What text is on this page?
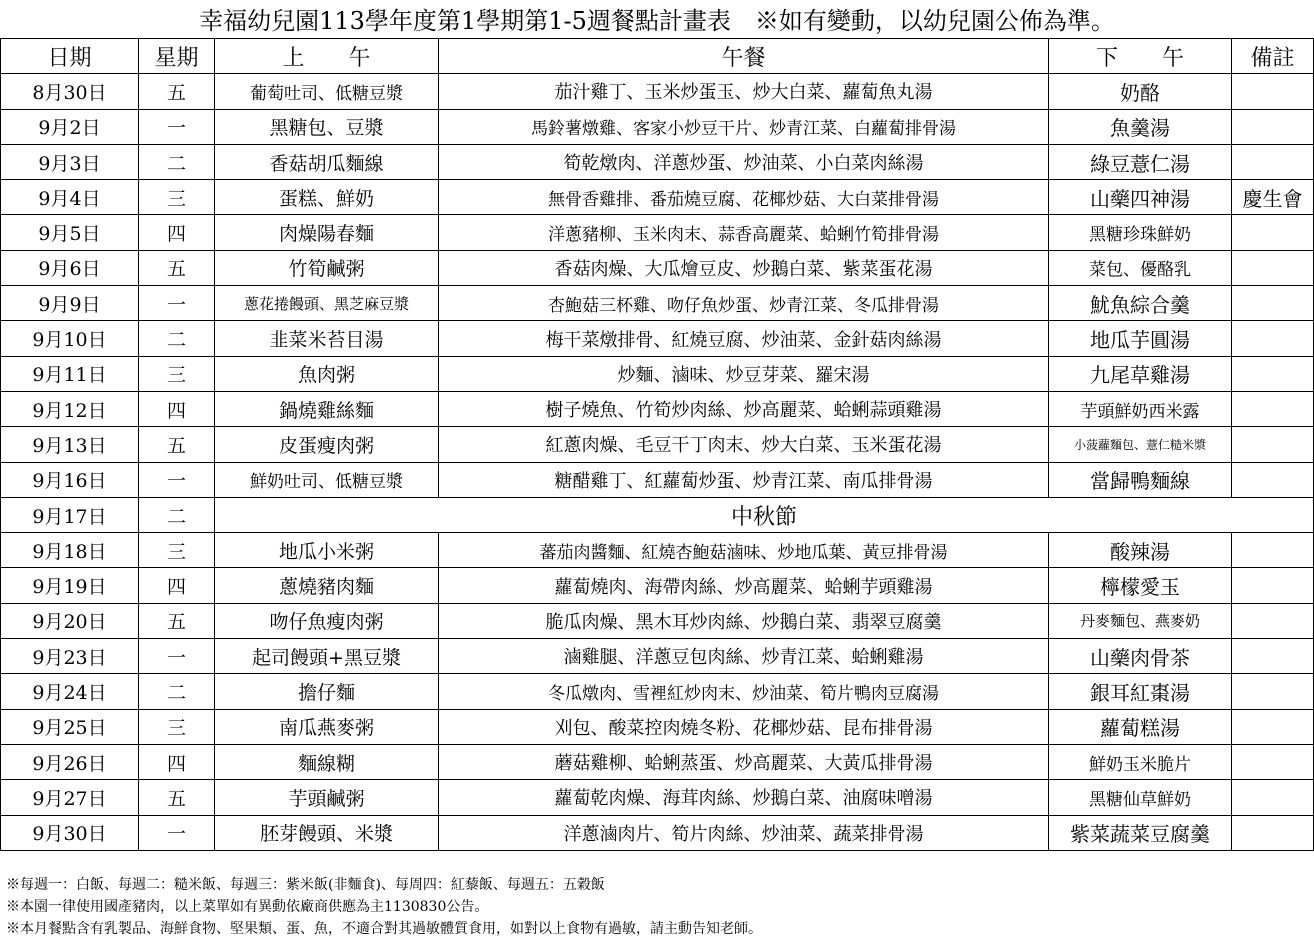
幸福幼兒園113學年度第1學期第1-5週餐點計畫表　※如有變動，以幼兒園公佈為準。
日期	星期	上　　午	午餐	下　　午	備註
8月30日	五	葡萄吐司、低糖豆漿	茄汁雞丁、玉米炒蛋玉、炒大白菜、蘿蔔魚丸湯	奶酪	
9月2日	一	黑糖包、豆漿	馬鈴薯燉雞、客家小炒豆干片、炒青江菜、白蘿蔔排骨湯	魚羹湯	
9月3日	二	香菇胡瓜麵線	筍乾燉肉、洋蔥炒蛋、炒油菜、小白菜肉絲湯	綠豆薏仁湯	
9月4日	三	蛋糕、鮮奶	無骨香雞排、番茄燒豆腐、花椰炒菇、大白菜排骨湯	山藥四神湯	慶生會
9月5日	四	肉燥陽春麵	洋蔥豬柳、玉米肉末、蒜香高麗菜、蛤蜊竹筍排骨湯	黑糖珍珠鮮奶	
9月6日	五	竹筍鹹粥	香菇肉燥、大瓜燴豆皮、炒鵝白菜、紫菜蛋花湯	菜包、優酪乳	
9月9日	一	蔥花捲饅頭、黑芝麻豆漿	杏鮑菇三杯雞、吻仔魚炒蛋、炒青江菜、冬瓜排骨湯	魷魚綜合羹	
9月10日	二	韭菜米苔目湯	梅干菜燉排骨、紅燒豆腐、炒油菜、金針菇肉絲湯	地瓜芋圓湯	
9月11日	三	魚肉粥	炒麵、滷味、炒豆芽菜、羅宋湯	九尾草雞湯	
9月12日	四	鍋燒雞絲麵	樹子燒魚、竹筍炒肉絲、炒高麗菜、蛤蜊蒜頭雞湯	芋頭鮮奶西米露	
9月13日	五	皮蛋瘦肉粥	紅蔥肉燥、毛豆干丁肉末、炒大白菜、玉米蛋花湯	小菠蘿麵包、薏仁糙米漿	
9月16日	一	鮮奶吐司、低糖豆漿	糖醋雞丁、紅蘿蔔炒蛋、炒青江菜、南瓜排骨湯	當歸鴨麵線	
9月17日	二	中秋節			
9月18日	三	地瓜小米粥	蕃茄肉醬麵、紅燒杏鮑菇滷味、炒地瓜葉、黃豆排骨湯	酸辣湯	
9月19日	四	蔥燒豬肉麵	蘿蔔燒肉、海帶肉絲、炒高麗菜、蛤蜊芋頭雞湯	檸檬愛玉	
9月20日	五	吻仔魚瘦肉粥	脆瓜肉燥、黑木耳炒肉絲、炒鵝白菜、翡翠豆腐羹	丹麥麵包、燕麥奶	
9月23日	一	起司饅頭+黑豆漿	滷雞腿、洋蔥豆包肉絲、炒青江菜、蛤蜊雞湯	山藥肉骨茶	
9月24日	二	擔仔麵	冬瓜燉肉、雪裡紅炒肉末、炒油菜、筍片鴨肉豆腐湯	銀耳紅棗湯	
9月25日	三	南瓜燕麥粥	刈包、酸菜控肉燒冬粉、花椰炒菇、昆布排骨湯	蘿蔔糕湯	
9月26日	四	麵線糊	蘑菇雞柳、蛤蜊蒸蛋、炒高麗菜、大黃瓜排骨湯	鮮奶玉米脆片	
9月27日	五	芋頭鹹粥	蘿蔔乾肉燥、海茸肉絲、炒鵝白菜、油腐味噌湯	黑糖仙草鮮奶	
9月30日	一	胚芽饅頭、米漿	洋蔥滷肉片、筍片肉絲、炒油菜、蔬菜排骨湯	紫菜蔬菜豆腐羹	
※每週一：白飯、每週二：糙米飯、每週三：紫米飯(非麵食)、每周四：紅藜飯、每週五：五穀飯
※本園一律使用國產豬肉，以上菜單如有異動依廠商供應為主1130830公告。
※本月餐點含有乳製品、海鮮食物、堅果類、蛋、魚，不適合對其過敏體質食用，如對以上食物有過敏，請主動告知老師。
